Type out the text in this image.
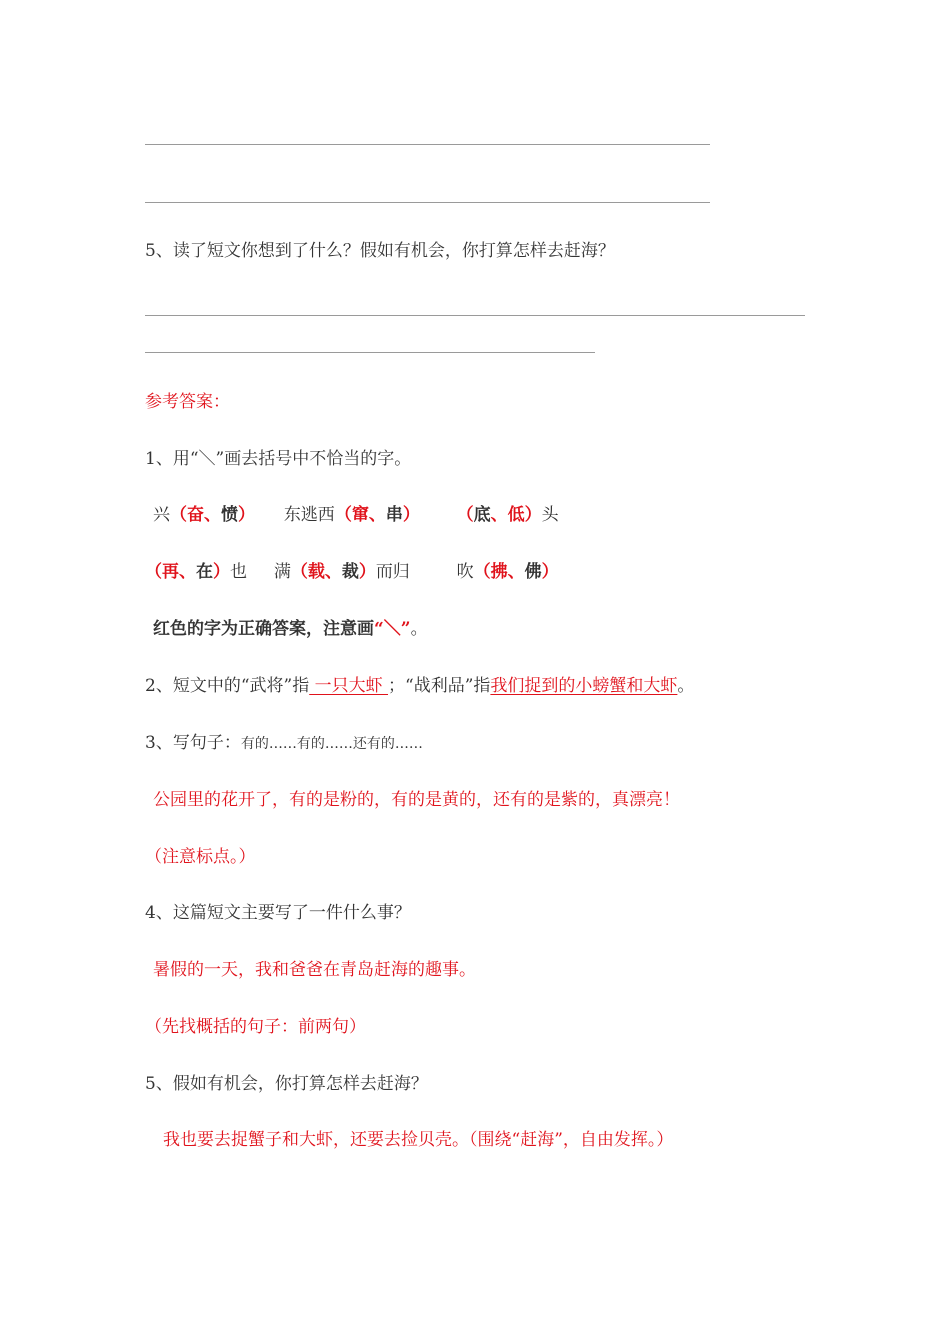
5、读了短文你想到了什么？假如有机会，你打算怎样去赶海？
参考答案：
1、用“＼”画去括号中不恰当的字。
兴（奋、愤） 东逃西（窜、串） （底、低）头
（再、在）也 满（载、裁）而归	吹（拂、佛）
红色的字为正确答案，注意画“＼”。
2、短文中的“武将”指 一只大虾 ；“战利品”指我们捉到的小螃蟹和大虾。
3、写句子：有的……有的……还有的……
公园里的花开了，有的是粉的，有的是黄的，还有的是紫的，真漂亮！
（注意标点。）
4、这篇短文主要写了一件什么事？
暑假的一天，我和爸爸在青岛赶海的趣事。
（先找概括的句子：前两句）
5、假如有机会，你打算怎样去赶海？
我也要去捉蟹子和大虾，还要去捡贝壳。（围绕“赶海”，自由发挥。）
